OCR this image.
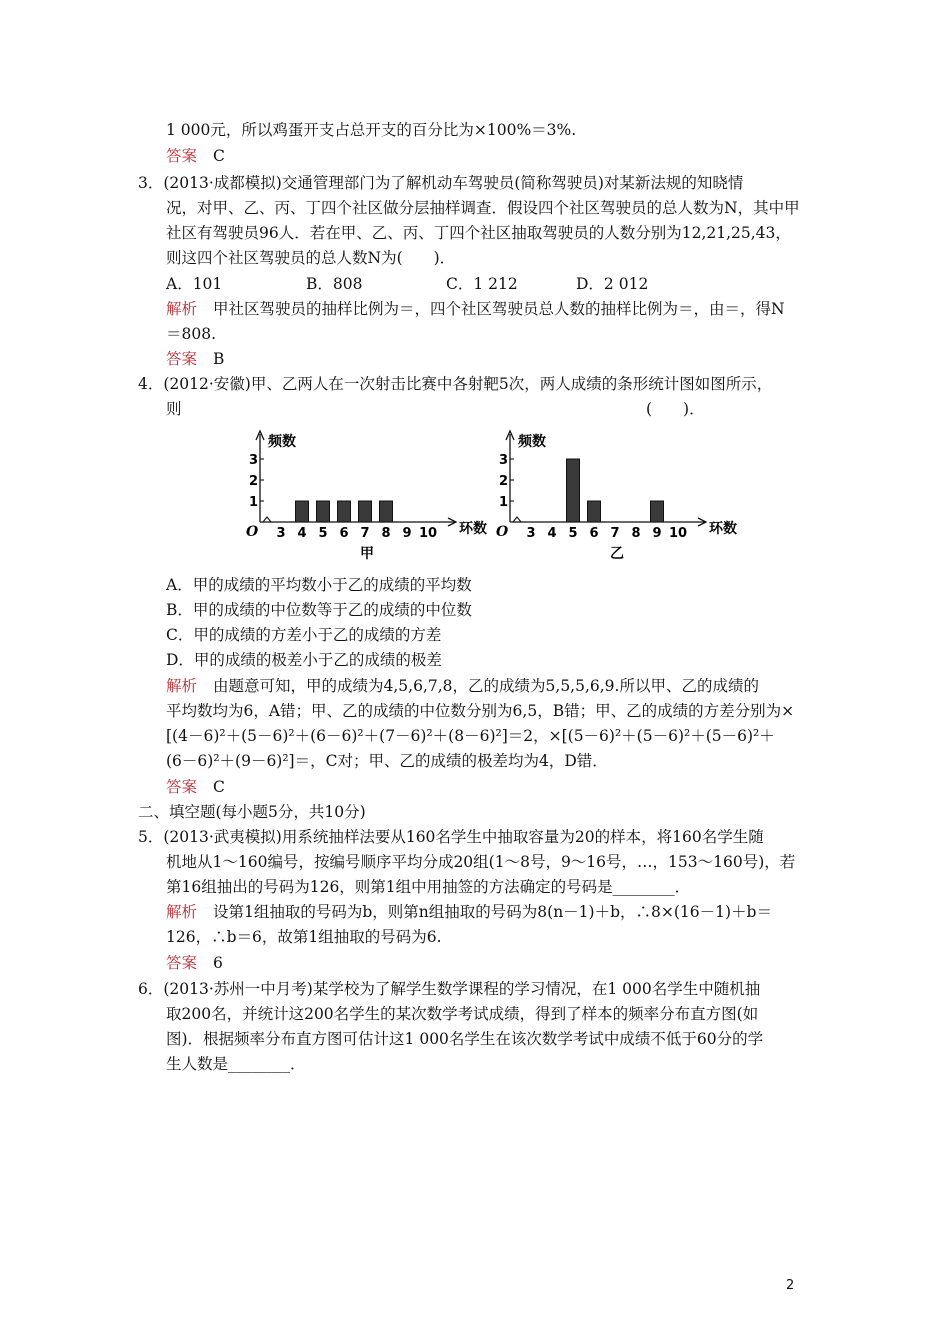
1 000元，所以鸡蛋开支占总开支的百分比为×100%＝3%.
答案 C
3．(2013·成都模拟)交通管理部门为了解机动车驾驶员(简称驾驶员)对某新法规的知晓情
况，对甲、乙、丙、丁四个社区做分层抽样调查．假设四个社区驾驶员的总人数为N，其中甲
社区有驾驶员96人．若在甲、乙、丙、丁四个社区抽取驾驶员的人数分别为12,21,25,43，
则这四个社区驾驶员的总人数N为(　　)．
A．101	B．808	C．1 212	D．2 012
解析 甲社区驾驶员的抽样比例为＝，四个社区驾驶员总人数的抽样比例为＝，由＝，得N
＝808.
答案 B
4．(2012·安徽)甲、乙两人在一次射击比赛中各射靶5次，两人成绩的条形统计图如图所示，
则	(　　)．
频数
环数
O
甲
1
2
3
3 4 5 6 7 8 9 10
频数
环数
O
乙
1
2
3
3 4 5 6 7 8 9 10
A．甲的成绩的平均数小于乙的成绩的平均数
B．甲的成绩的中位数等于乙的成绩的中位数
C．甲的成绩的方差小于乙的成绩的方差
D．甲的成绩的极差小于乙的成绩的极差
解析 由题意可知，甲的成绩为4,5,6,7,8，乙的成绩为5,5,5,6,9.所以甲、乙的成绩的
平均数均为6，A错；甲、乙的成绩的中位数分别为6,5，B错；甲、乙的成绩的方差分别为×
[(4－6)²＋(5－6)²＋(6－6)²＋(7－6)²＋(8－6)²]＝2，×[(5－6)²＋(5－6)²＋(5－6)²＋
(6－6)²＋(9－6)²]＝，C对；甲、乙的成绩的极差均为4，D错．
答案 C
二、填空题(每小题5分，共10分)
5．(2013·武夷模拟)用系统抽样法要从160名学生中抽取容量为20的样本，将160名学生随
机地从1～160编号，按编号顺序平均分成20组(1～8号，9～16号，…，153～160号)，若
第16组抽出的号码为126，则第1组中用抽签的方法确定的号码是________．
解析 设第1组抽取的号码为b，则第n组抽取的号码为8(n－1)＋b，∴8×(16－1)＋b＝
126，∴b＝6，故第1组抽取的号码为6.
答案 6
6．(2013·苏州一中月考)某学校为了解学生数学课程的学习情况，在1 000名学生中随机抽
取200名，并统计这200名学生的某次数学考试成绩，得到了样本的频率分布直方图(如
图)．根据频率分布直方图可估计这1 000名学生在该次数学考试中成绩不低于60分的学
生人数是________．
2
